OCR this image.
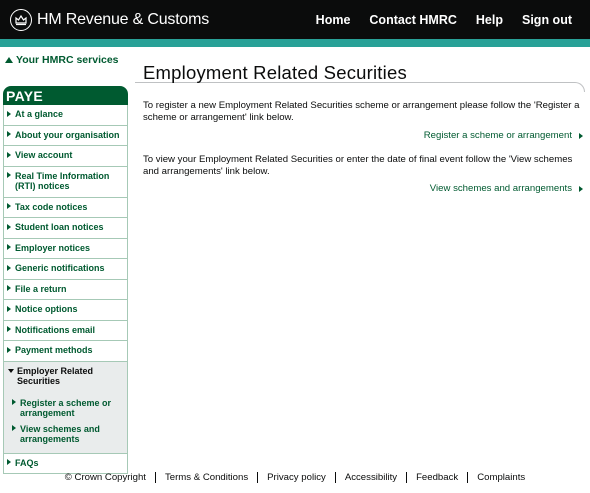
HM Revenue & Customs	Home Contact HMRC Help Sign out
Your HMRC services
PAYE
At a glance
About your organisation
View account
Real Time Information (RTI) notices
Tax code notices
Student loan notices
Employer notices
Generic notifications
File a return
Notice options
Notifications email
Payment methods
Employer Related Securities
Register a scheme or arrangement
View schemes and arrangements
FAQs
Employment Related Securities

To register a new Employment Related Securities scheme or arrangement please follow the 'Register a scheme or arrangement' link below.

Register a scheme or arrangement

To view your Employment Related Securities or enter the date of final event follow the 'View schemes and arrangements' link below.

View schemes and arrangements
© Crown Copyright	Terms & Conditions	Privacy policy	Accessibility	Feedback	Complaints
